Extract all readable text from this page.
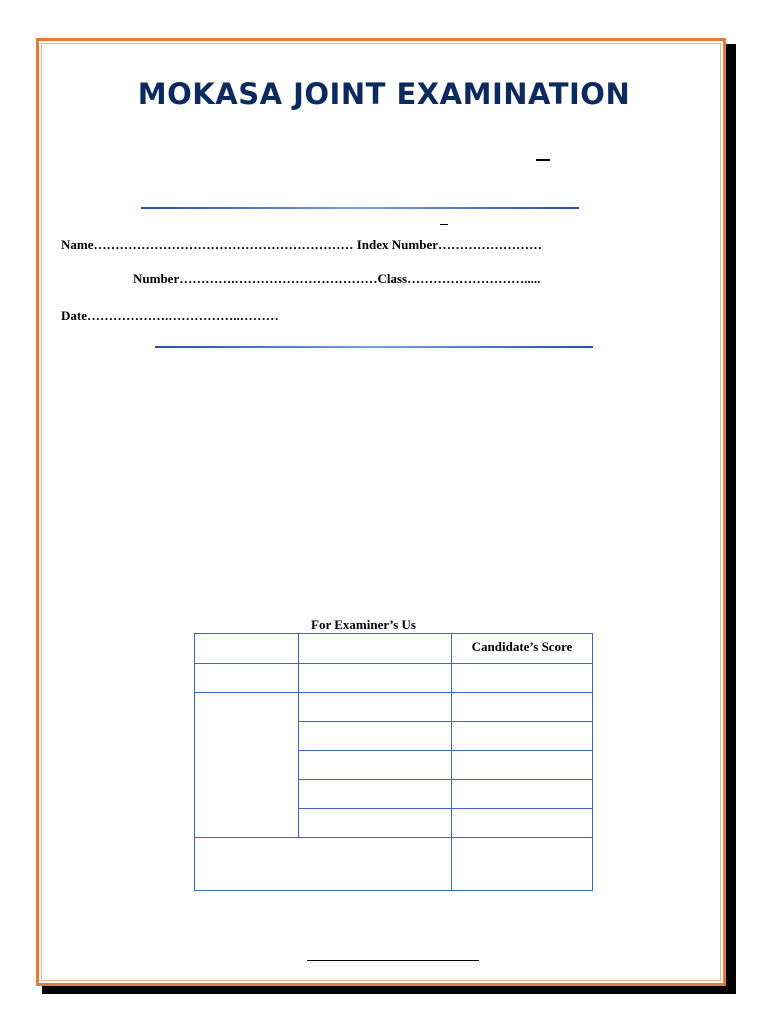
MOKASA JOINT EXAMINATION
Name…………………………………………………… Index Number……………………
Number………….……………………………Class……………………….....
Date……………….……………..………
For Examiner’s Us
		Candidate’s Score
